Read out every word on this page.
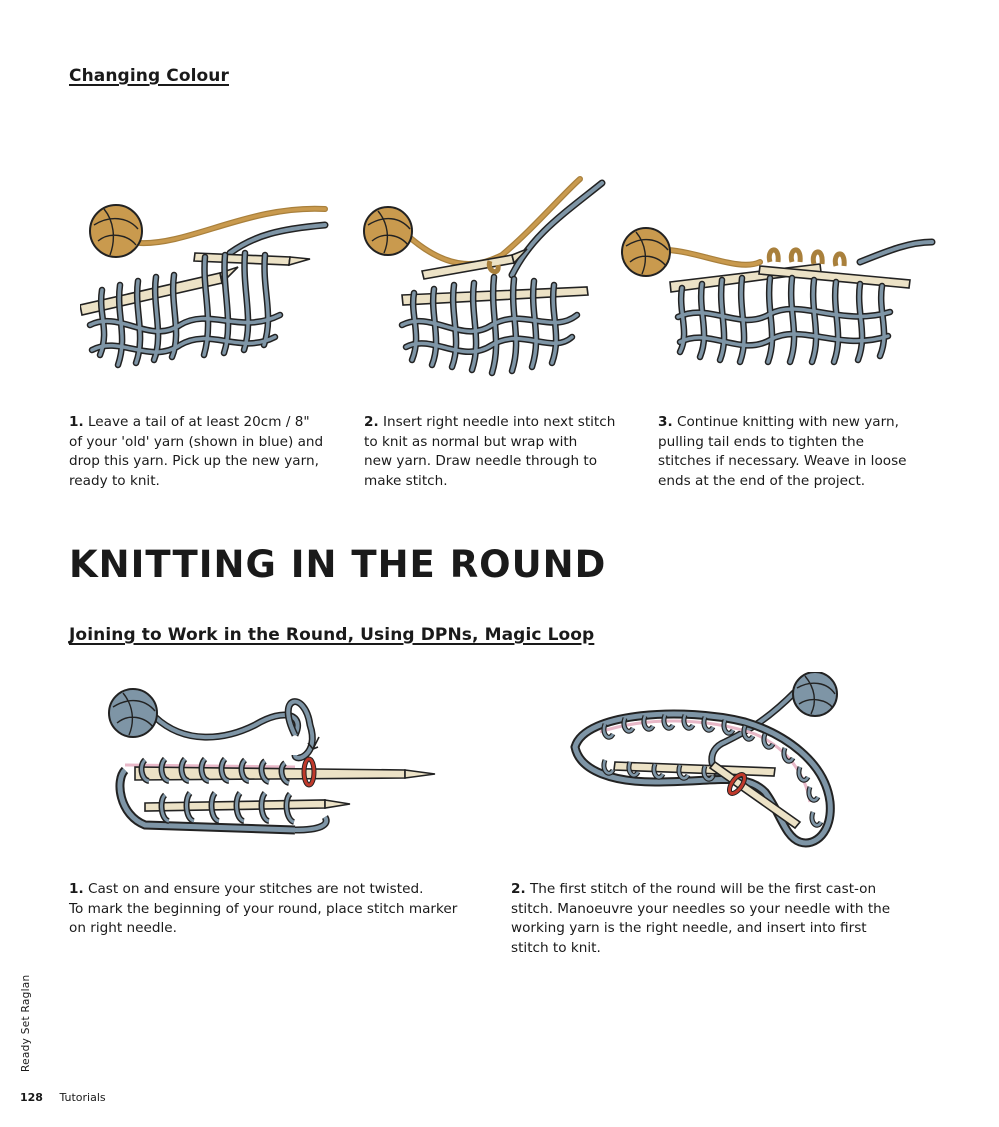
Changing Colour
1. Leave a tail of at least 20cm / 8"
of your 'old' yarn (shown in blue) and
drop this yarn. Pick up the new yarn,
ready to knit.
2. Insert right needle into next stitch
to knit as normal but wrap with
new yarn. Draw needle through to
make stitch.
3. Continue knitting with new yarn,
pulling tail ends to tighten the
stitches if necessary. Weave in loose
ends at the end of the project.
KNITTING IN THE ROUND
Joining to Work in the Round, Using DPNs, Magic Loop
1. Cast on and ensure your stitches are not twisted.
To mark the beginning of your round, place stitch marker
on right needle.
2. The first stitch of the round will be the first cast-on
stitch. Manoeuvre your needles so your needle with the
working yarn is the right needle, and insert into first
stitch to knit.
Ready Set Raglan
128 Tutorials
